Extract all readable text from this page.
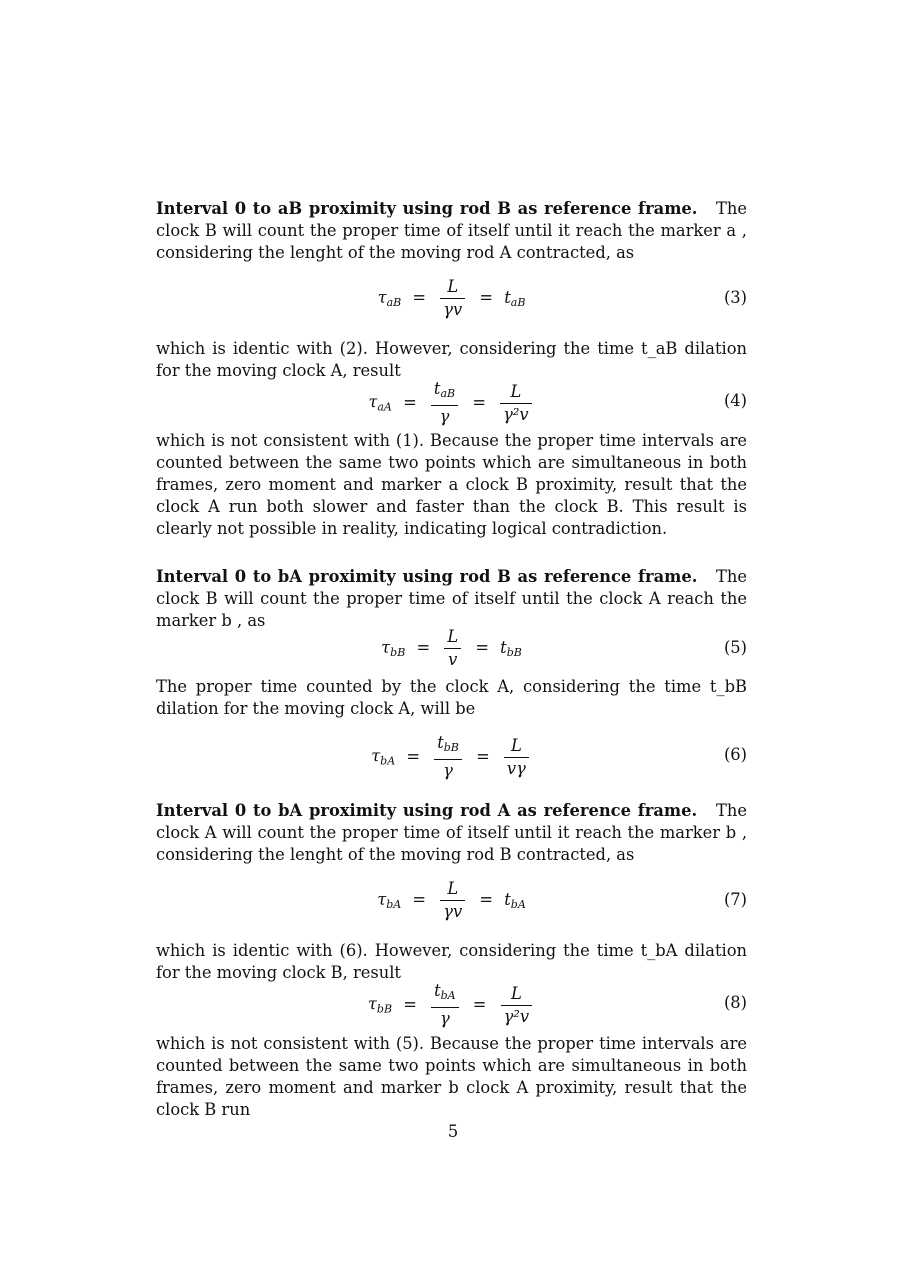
Interval 0 to aB proximity using rod B as reference frame. The clock B will count the proper time of itself until it reach the marker a , considering the lenght of the moving rod A contracted, as

$\tau_{aB} = \frac{L}{\gamma v} = t_{aB}$	(3)

which is identic with (2). However, considering the time t_aB dilation for the moving clock A, result

$\tau_{aA} = \frac{t_{aB}}{\gamma} = \frac{L}{\text{γ²v}}$	(4)

which is not consistent with (1). Because the proper time intervals are counted between the same two points which are simultaneous in both frames, zero moment and marker a clock B proximity, result that the clock A run both slower and faster than the clock B. This result is clearly not possible in reality, indicating logical contradiction.

Interval 0 to bA proximity using rod B as reference frame. The clock B will count the proper time of itself until the clock A reach the marker b , as

$\tau_{bB} = \frac{L}{v} = t_{bB}$	(5)

The proper time counted by the clock A, considering the time t_bB dilation for the moving clock A, will be

$\tau_{bA} = \frac{t_{bB}}{\gamma} = \frac{L}{v\gamma}$	(6)

Interval 0 to bA proximity using rod A as reference frame. The clock A will count the proper time of itself until it reach the marker b , considering the lenght of the moving rod B contracted, as

$\tau_{bA} = \frac{L}{\gamma v} = t_{bA}$	(7)

which is identic with (6). However, considering the time t_bA dilation for the moving clock B, result

$\tau_{bB} = \frac{t_{bA}}{\gamma} = \frac{L}{\text{γ²v}}$	(8)

which is not consistent with (5). Because the proper time intervals are counted between the same two points which are simultaneous in both frames, zero moment and marker b clock A proximity, result that the clock B run

5
